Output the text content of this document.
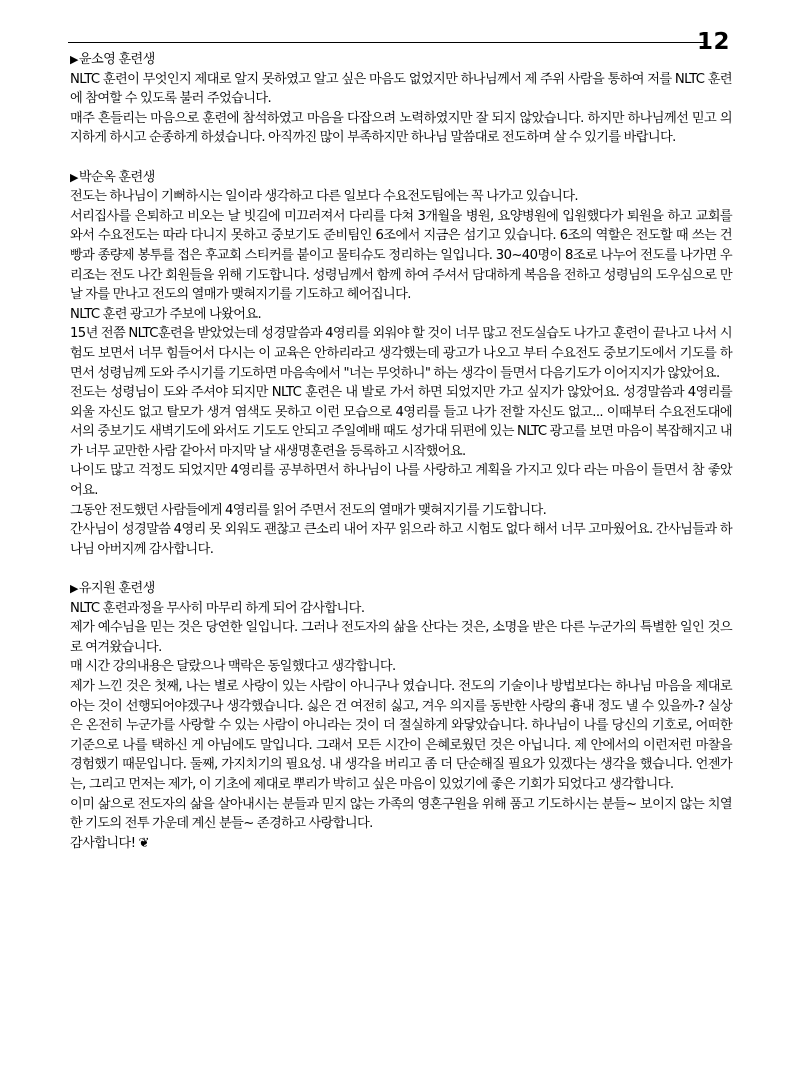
12

▶윤소영 훈련생

NLTC 훈련이 무엇인지 제대로 알지 못하였고 알고 싶은 마음도 없었지만 하나님께서 제 주위 사람을 통하여 저를 NLTC 훈련에 참여할 수 있도록 불러 주었습니다.

매주 흔들리는 마음으로 훈련에 참석하였고 마음을 다잡으려 노력하였지만 잘 되지 않았습니다. 하지만 하나님께선 믿고 의지하게 하시고 순종하게 하셨습니다. 아직까진 많이 부족하지만 하나님 말씀대로 전도하며 살 수 있기를 바랍니다.

▶박순옥 훈련생

전도는 하나님이 기뻐하시는 일이라 생각하고 다른 일보다 수요전도팀에는 꼭 나가고 있습니다.

서리집사를 은퇴하고 비오는 날 빗길에 미끄러져서 다리를 다쳐 3개월을 병원, 요양병원에 입원했다가 퇴원을 하고 교회를 와서 수요전도는 따라 다니지 못하고 중보기도 준비팀인 6조에서 지금은 섬기고 있습니다. 6조의 역할은 전도할 때 쓰는 건빵과 종량제 봉투를 접은 후교회 스티커를 붙이고 물티슈도 정리하는 일입니다. 30~40명이 8조로 나누어 전도를 나가면 우리조는 전도 나간 회원들을 위해 기도합니다. 성령님께서 함께 하여 주셔서 담대하게 복음을 전하고 성령님의 도우심으로 만날 자를 만나고 전도의 열매가 맺혀지기를 기도하고 헤어집니다.

NLTC 훈련 광고가 주보에 나왔어요.

15년 전쯤 NLTC훈련을 받았었는데 성경말씀과 4영리를 외워야 할 것이 너무 많고 전도실습도 나가고 훈련이 끝나고 나서 시험도 보면서 너무 힘들어서 다시는 이 교육은 안하리라고 생각했는데 광고가 나오고 부터 수요전도 중보기도에서 기도를 하면서 성령님께 도와 주시기를 기도하면 마음속에서 "너는 무엇하니" 하는 생각이 들면서 다음기도가 이어지지가 않았어요.

전도는 성령님이 도와 주셔야 되지만 NLTC 훈련은 내 발로 가서 하면 되었지만 가고 싶지가 않았어요. 성경말씀과 4영리를 외울 자신도 없고 탈모가 생겨 염색도 못하고 이런 모습으로 4영리를 들고 나가 전할 자신도 없고... 이때부터 수요전도대에서의 중보기도 새벽기도에 와서도 기도도 안되고 주일예배 때도 성가대 뒤편에 있는 NLTC 광고를 보면 마음이 복잡해지고 내가 너무 교만한 사람 같아서 마지막 날 새생명훈련을 등록하고 시작했어요.

나이도 많고 걱정도 되었지만 4영리를 공부하면서 하나님이 나를 사랑하고 계획을 가지고 있다 라는 마음이 들면서 참 좋았어요.

그동안 전도했던 사람들에게 4영리를 읽어 주면서 전도의 열매가 맺혀지기를 기도합니다.

간사님이 성경말씀 4영리 못 외워도 괜찮고 큰소리 내어 자꾸 읽으라 하고 시험도 없다 해서 너무 고마웠어요. 간사님들과 하나님 아버지께 감사합니다.

▶유지원 훈련생

NLTC 훈련과정을 무사히 마무리 하게 되어 감사합니다.

제가 예수님을 믿는 것은 당연한 일입니다. 그러나 전도자의 삶을 산다는 것은, 소명을 받은 다른 누군가의 특별한 일인 것으로 여겨왔습니다.

매 시간 강의내용은 달랐으나 맥락은 동일했다고 생각합니다.

제가 느낀 것은 첫째, 나는 별로 사랑이 있는 사람이 아니구나 였습니다. 전도의 기술이나 방법보다는 하나님 마음을 제대로 아는 것이 선행되어야겠구나 생각했습니다. 싫은 건 여전히 싫고, 겨우 의지를 동반한 사랑의 흉내 정도 낼 수 있을까-? 실상은 온전히 누군가를 사랑할 수 있는 사람이 아니라는 것이 더 절실하게 와닿았습니다. 하나님이 나를 당신의 기호로, 어떠한 기준으로 나를 택하신 게 아님에도 말입니다. 그래서 모든 시간이 은혜로웠던 것은 아닙니다. 제 안에서의 이런저런 마찰을 경험했기 때문입니다. 둘째, 가지치기의 필요성. 내 생각을 버리고 좀 더 단순해질 필요가 있겠다는 생각을 했습니다. 언젠가는, 그리고 먼저는 제가, 이 기초에 제대로 뿌리가 박히고 싶은 마음이 있었기에 좋은 기회가 되었다고 생각합니다.

이미 삶으로 전도자의 삶을 살아내시는 분들과 믿지 않는 가족의 영혼구원을 위해 품고 기도하시는 분들~ 보이지 않는 치열한 기도의 전투 가운데 계신 분들~ 존경하고 사랑합니다.

감사합니다! ❦
